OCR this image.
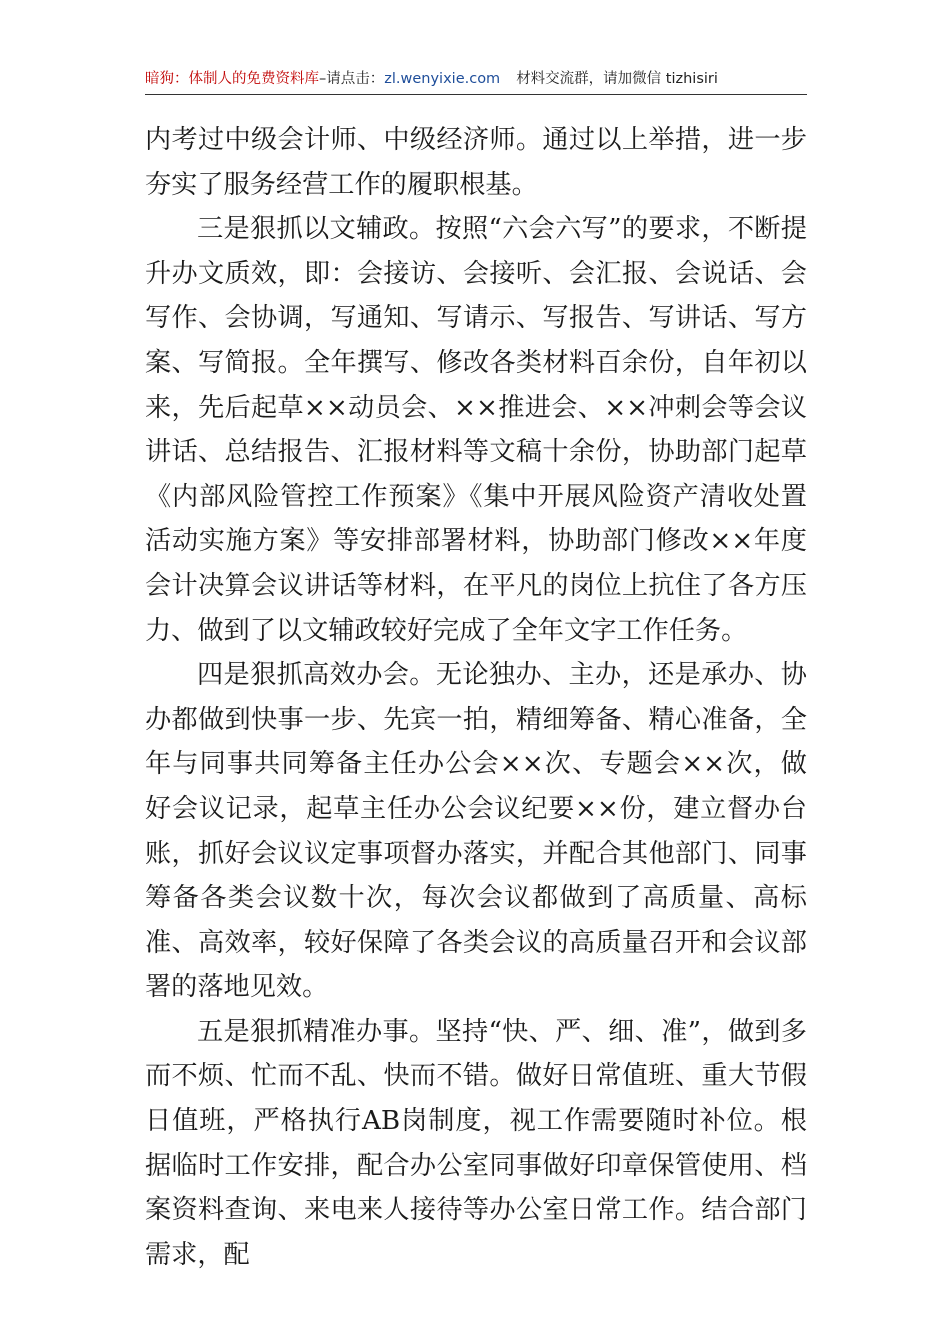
暗狗：体制人的免费资料库–请点击：zl.wenyixie.com 材料交流群，请加微信 tizhisiri

内考过中级会计师、中级经济师。通过以上举措，进一步夯实了服务经营工作的履职根基。

三是狠抓以文辅政。按照“六会六写”的要求，不断提升办文质效，即：会接访、会接听、会汇报、会说话、会写作、会协调，写通知、写请示、写报告、写讲话、写方案、写简报。全年撰写、修改各类材料百余份，自年初以来，先后起草××动员会、××推进会、××冲刺会等会议讲话、总结报告、汇报材料等文稿十余份，协助部门起草《内部风险管控工作预案》《集中开展风险资产清收处置活动实施方案》等安排部署材料，协助部门修改××年度会计决算会议讲话等材料，在平凡的岗位上抗住了各方压力、做到了以文辅政较好完成了全年文字工作任务。

四是狠抓高效办会。无论独办、主办，还是承办、协办都做到快事一步、先宾一拍，精细筹备、精心准备，全年与同事共同筹备主任办公会××次、专题会××次，做好会议记录，起草主任办公会议纪要××份，建立督办台账，抓好会议议定事项督办落实，并配合其他部门、同事筹备各类会议数十次，每次会议都做到了高质量、高标准、高效率，较好保障了各类会议的高质量召开和会议部署的落地见效。

五是狠抓精准办事。坚持“快、严、细、准”，做到多而不烦、忙而不乱、快而不错。做好日常值班、重大节假日值班，严格执行AB岗制度，视工作需要随时补位。根据临时工作安排，配合办公室同事做好印章保管使用、档案资料查询、来电来人接待等办公室日常工作。结合部门需求，配
